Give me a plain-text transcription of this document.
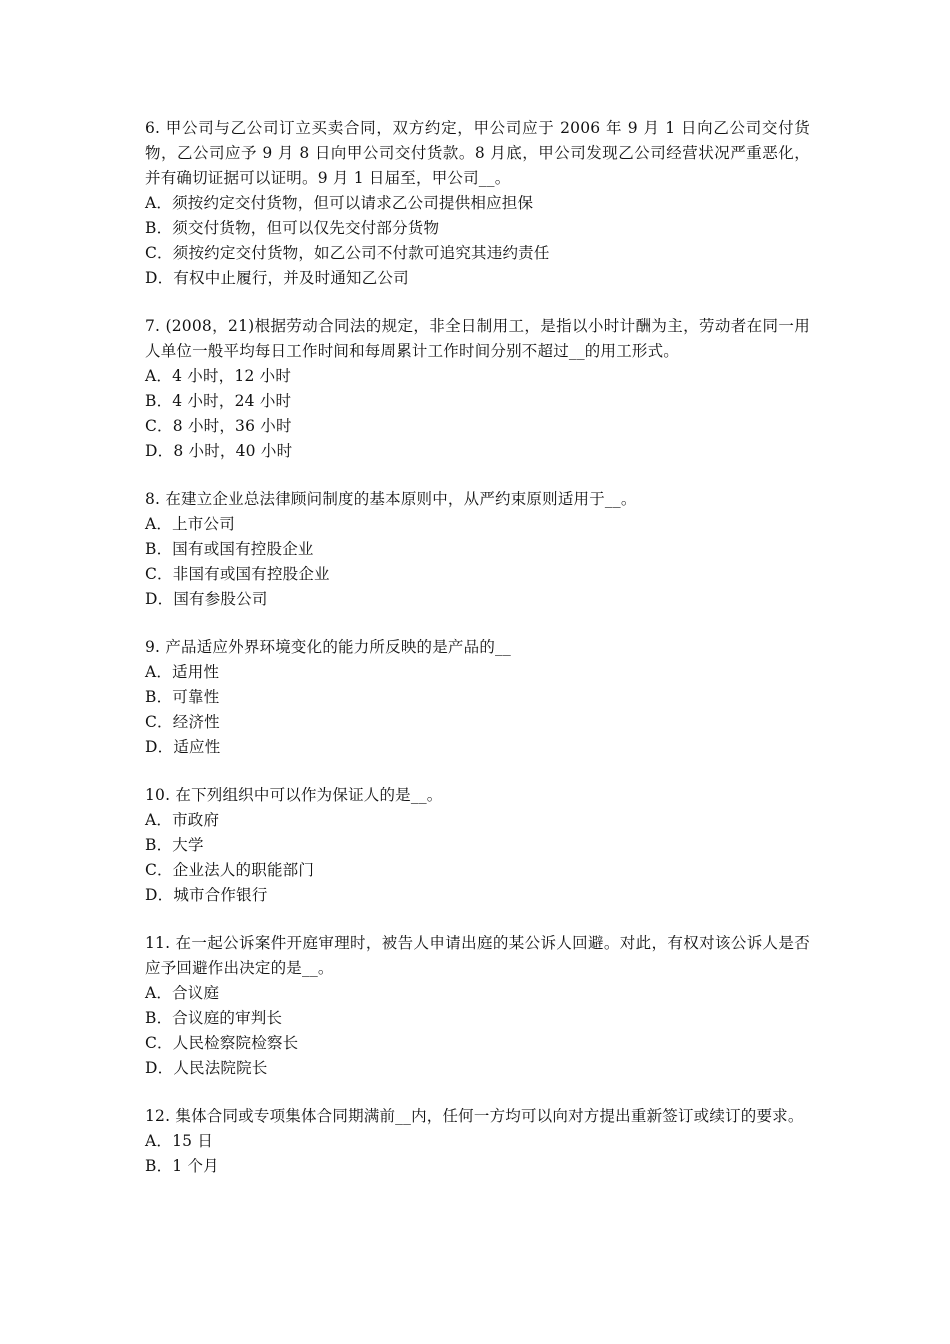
6. 甲公司与乙公司订立买卖合同，双方约定，甲公司应于 2006 年 9 月 1 日向乙公司交付货物，乙公司应予 9 月 8 日向甲公司交付货款。8 月底，甲公司发现乙公司经营状况严重恶化，并有确切证据可以证明。9 月 1 日届至，甲公司__。

A．须按约定交付货物，但可以请求乙公司提供相应担保

B．须交付货物，但可以仅先交付部分货物

C．须按约定交付货物，如乙公司不付款可追究其违约责任

D．有权中止履行，并及时通知乙公司

7. (2008，21)根据劳动合同法的规定，非全日制用工，是指以小时计酬为主，劳动者在同一用人单位一般平均每日工作时间和每周累计工作时间分别不超过__的用工形式。

A．4 小时，12 小时

B．4 小时，24 小时

C．8 小时，36 小时

D．8 小时，40 小时

8. 在建立企业总法律顾问制度的基本原则中，从严约束原则适用于__。

A．上市公司

B．国有或国有控股企业

C．非国有或国有控股企业

D．国有参股公司

9. 产品适应外界环境变化的能力所反映的是产品的__

A．适用性

B．可靠性

C．经济性

D．适应性

10. 在下列组织中可以作为保证人的是__。

A．市政府

B．大学

C．企业法人的职能部门

D．城市合作银行

11. 在一起公诉案件开庭审理时，被告人申请出庭的某公诉人回避。对此，有权对该公诉人是否应予回避作出决定的是__。

A．合议庭

B．合议庭的审判长

C．人民检察院检察长

D．人民法院院长

12. 集体合同或专项集体合同期满前__内，任何一方均可以向对方提出重新签订或续订的要求。

A．15 日

B．1 个月
